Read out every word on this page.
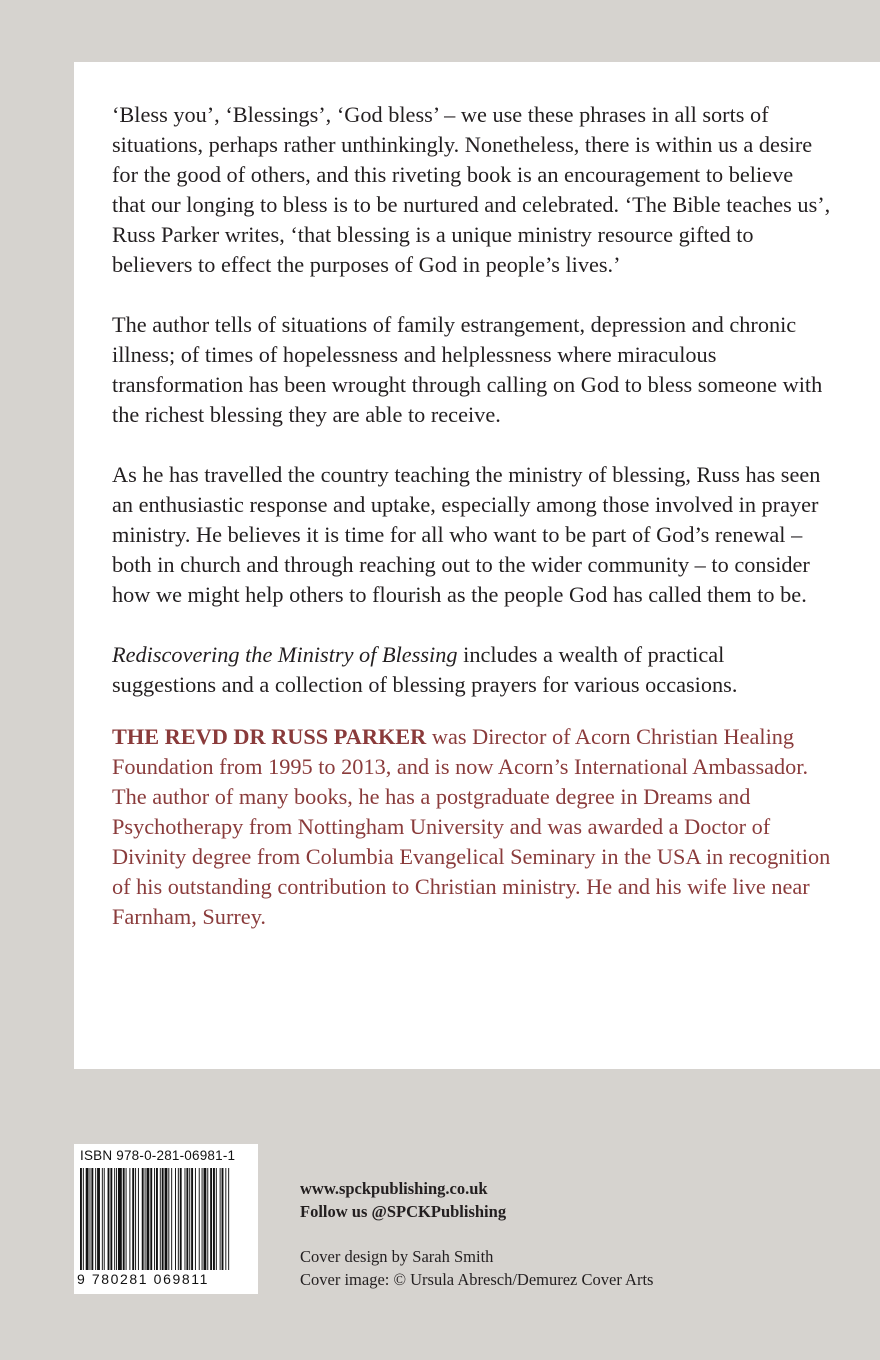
‘Bless you’, ‘Blessings’, ‘God bless’ – we use these phrases in all sorts of situations, perhaps rather unthinkingly. Nonetheless, there is within us a desire for the good of others, and this riveting book is an encouragement to believe that our longing to bless is to be nurtured and celebrated. ‘The Bible teaches us’, Russ Parker writes, ‘that blessing is a unique ministry resource gifted to believers to effect the purposes of God in people’s lives.’

The author tells of situations of family estrangement, depression and chronic illness; of times of hopelessness and helplessness where miraculous transformation has been wrought through calling on God to bless someone with the richest blessing they are able to receive.

As he has travelled the country teaching the ministry of blessing, Russ has seen an enthusiastic response and uptake, especially among those involved in prayer ministry. He believes it is time for all who want to be part of God’s renewal – both in church and through reaching out to the wider community – to consider how we might help others to flourish as the people God has called them to be.

Rediscovering the Ministry of Blessing includes a wealth of practical suggestions and a collection of blessing prayers for various occasions.

THE REVD DR RUSS PARKER was Director of Acorn Christian Healing Foundation from 1995 to 2013, and is now Acorn’s International Ambassador. The author of many books, he has a postgraduate degree in Dreams and Psychotherapy from Nottingham University and was awarded a Doctor of Divinity degree from Columbia Evangelical Seminary in the USA in recognition of his outstanding contribution to Christian ministry. He and his wife live near Farnham, Surrey.

ISBN 978-0-281-06981-1
9 780281 069811
www.spckpublishing.co.uk
Follow us @SPCKPublishing
Cover design by Sarah Smith
Cover image: © Ursula Abresch/Demurez Cover Arts
